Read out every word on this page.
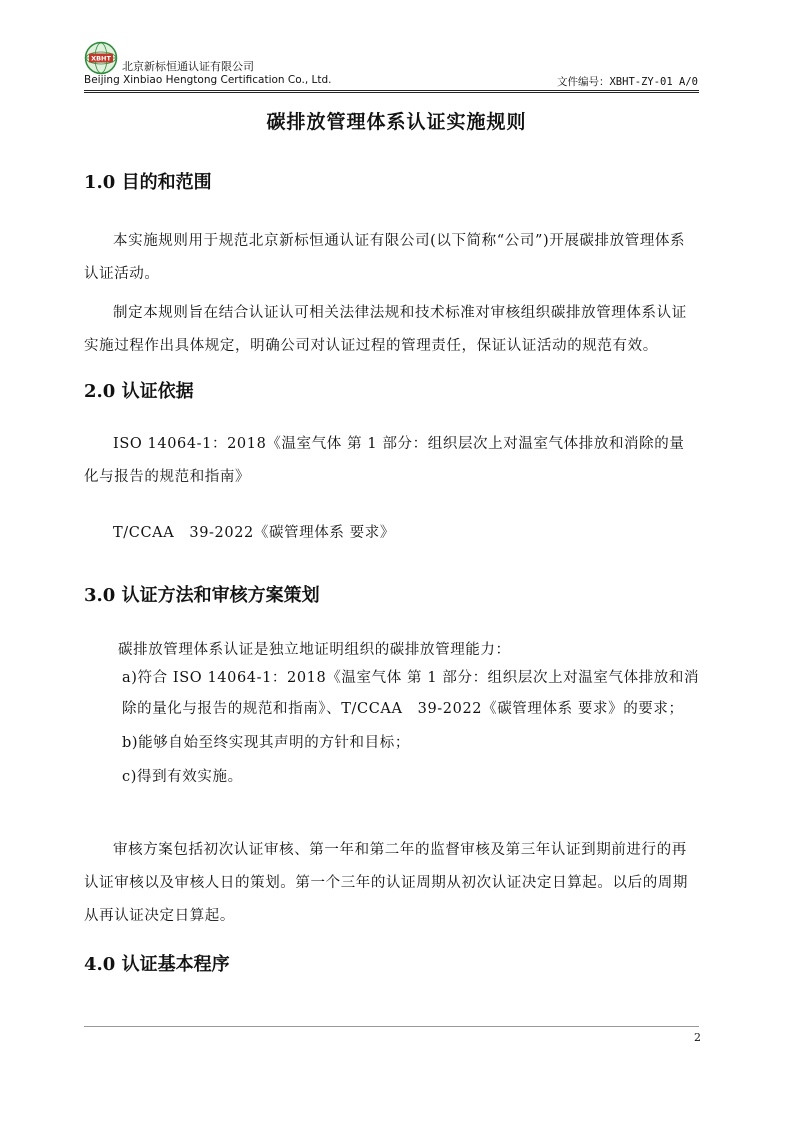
XBHT
北京新标恒通认证有限公司
Beijing Xinbiao Hengtong Certification Co., Ltd.	文件编号：XBHT-ZY-01 A/0
碳排放管理体系认证实施规则
1.0 目的和范围

本实施规则用于规范北京新标恒通认证有限公司(以下简称“公司”)开展碳排放管理体系认证活动。

制定本规则旨在结合认证认可相关法律法规和技术标准对审核组织碳排放管理体系认证实施过程作出具体规定，明确公司对认证过程的管理责任，保证认证活动的规范有效。

2.0 认证依据

ISO 14064-1：2018《温室气体 第 1 部分：组织层次上对温室气体排放和消除的量化与报告的规范和指南》

T/CCAA　39-2022《碳管理体系 要求》
3.0 认证方法和审核方案策划
碳排放管理体系认证是独立地证明组织的碳排放管理能力：
a)符合 ISO 14064-1：2018《温室气体 第 1 部分：组织层次上对温室气体排放和消除的量化与报告的规范和指南》、T/CCAA　39-2022《碳管理体系 要求》的要求；
b)能够自始至终实现其声明的方针和目标；
c)得到有效实施。

审核方案包括初次认证审核、第一年和第二年的监督审核及第三年认证到期前进行的再认证审核以及审核人日的策划。第一个三年的认证周期从初次认证决定日算起。以后的周期从再认证决定日算起。

4.0 认证基本程序
2
